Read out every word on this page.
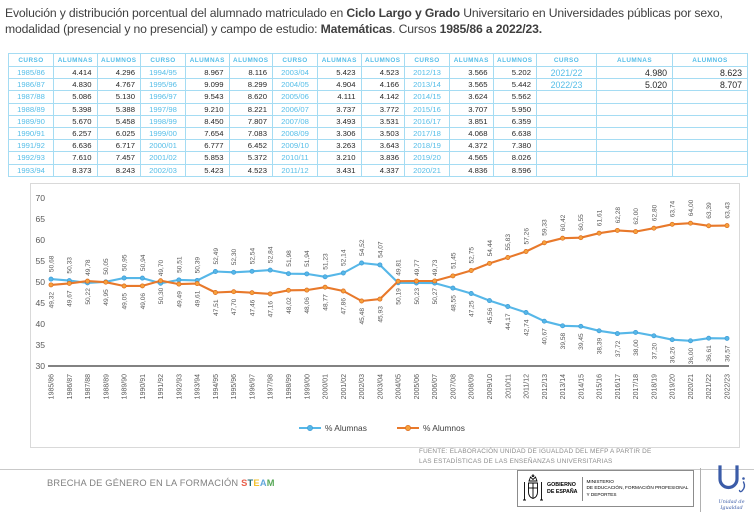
Evolución y distribución porcentual del alumnado matriculado en Ciclo Largo y Grado Universitario en Universidades públicas por sexo, modalidad (presencial y no presencial) y campo de estudio: Matemáticas. Cursos 1985/86 a 2022/23.
CURSO	ALUMNAS	ALUMNOS	CURSO	ALUMNAS	ALUMNOS	CURSO	ALUMNAS	ALUMNOS	CURSO	ALUMNAS	ALUMNOS	CURSO	ALUMNAS	ALUMNOS
1985/86	4.414	4.296	1994/95	8.967	8.116	2003/04	5.423	4.523	2012/13	3.566	5.202	2021/22	4.980	8.623
1986/87	4.830	4.767	1995/96	9.099	8.299	2004/05	4.904	4.166	2013/14	3.565	5.442	2022/23	5.020	8.707
1987/88	5.086	5.130	1996/97	9.543	8.620	2005/06	4.111	4.142	2014/15	3.624	5.562			
1988/89	5.398	5.388	1997/98	9.210	8.221	2006/07	3.737	3.772	2015/16	3.707	5.950			
1989/90	5.670	5.458	1998/99	8.450	7.807	2007/08	3.493	3.531	2016/17	3.851	6.359			
1990/91	6.257	6.025	1999/00	7.654	7.083	2008/09	3.306	3.503	2017/18	4.068	6.638			
1991/92	6.636	6.717	2000/01	6.777	6.452	2009/10	3.263	3.643	2018/19	4.372	7.380			
1992/93	7.610	7.457	2001/02	5.853	5.372	2010/11	3.210	3.836	2019/20	4.565	8.026			
1993/94	8.373	8.243	2002/03	5.423	4.523	2011/12	3.431	4.337	2020/21	4.836	8.596			
30
35
40
45
50
55
60
65
70
1985/86 1986/87 1987/88 1988/89 1989/90 1990/91 1991/92 1992/93 1993/94 1994/95 1995/96 1996/97 1997/98 1998/99 1999/00 2000/01 2001/02 2002/03 2003/04 2004/05 2005/06 2006/07 2007/08 2008/09 2009/10 2010/11 2011/12 2012/13 2013/14 2014/15 2015/16 2016/17 2017/18 2018/19 2019/20 2020/21 2021/22 2022/23
50,68 50,33 49,78 50,05 50,95 50,94 49,70 50,51 50,39
52,49 52,30 52,54 52,84 51,98 51,94 51,23 52,14
54,52 54,07
49,81 49,77 49,73
48,55 47,25 45,56 44,17 42,74
40,67 39,58 39,45 38,39 37,72 38,00 37,20 36,26 36,00 36,61 36,57
49,32 49,67 50,22 49,95 49,05 49,06 50,30 49,49 49,61
47,51 47,70 47,46 47,16 48,02 48,06 48,77 47,86
45,48 45,93
50,19 50,23 50,27
51,45 52,75 54,44 55,83 57,26
59,33 60,42 60,55 61,61 62,28 62,00 62,80 63,74 64,00 63,39 63,43
% Alumnas	% Alumnos
FUENTE: ELABORACIÓN UNIDAD DE IGUALDAD DEL MEFP A PARTIR DE
LAS ESTADÍSTICAS DE LAS ENSEÑANZAS UNIVERSITARIAS
BRECHA DE GÉNERO EN LA FORMACIÓN STEAM	GOBIERNO
DE ESPAÑA
MINISTERIO
DE EDUCACIÓN, FORMACIÓN PROFESIONAL
Y DEPORTES
Unidad de
Igualdad
